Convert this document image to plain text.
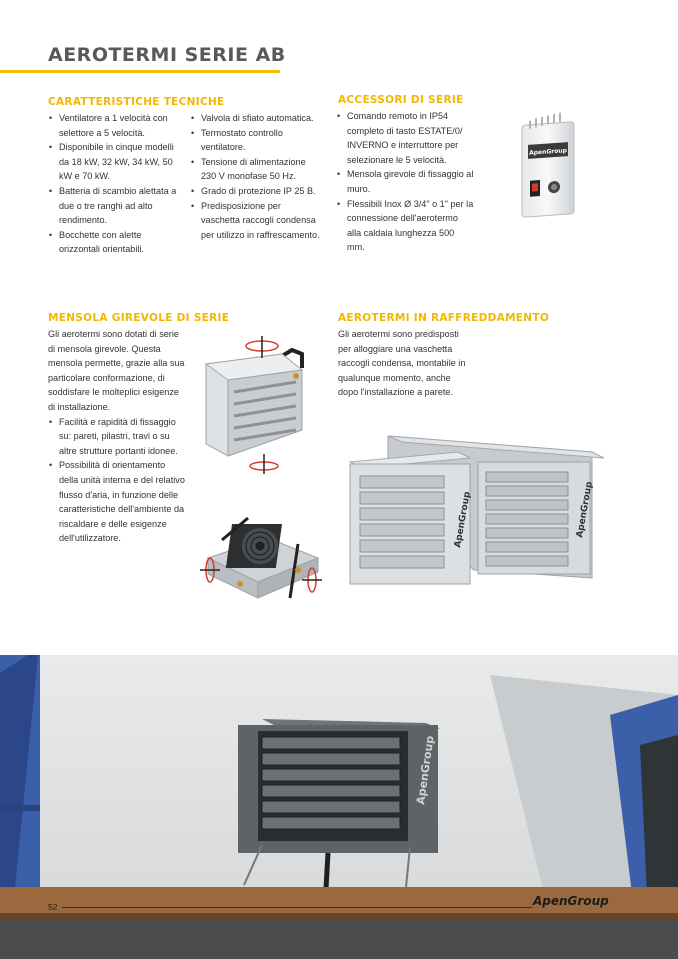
AEROTERMI SERIE AB
CARATTERISTICHE TECNICHE
• Ventilatore a 1 velocità con selettore a 5 velocità.
• Disponibile in cinque modelli da 18 kW, 32 kW, 34 kW, 50 kW e 70 kW.
• Batteria di scambio alettata a due o tre ranghi ad alto rendimento.
• Bocchette con alette orizzontali orientabili.
• Valvola di sfiato automatica.
• Termostato controllo ventilatore.
• Tensione di alimentazione 230 V monofase 50 Hz.
• Grado di protezione IP 25 B.
• Predisposizione per vaschetta raccogli condensa per utilizzo in raffrescamento.
ACCESSORI DI SERIE
• Comando remoto in IP54 completo di tasto ESTATE/0/ INVERNO e interruttore per selezionare le 5 velocità.
• Mensola girevole di fissaggio al muro.
• Flessibili Inox Ø 3/4" o 1" per la connessione dell'aerotermo alla caldaia lunghezza 500 mm.
ApenGroup
MENSOLA GIREVOLE DI SERIE

Gli aerotermi sono dotati di serie di mensola girevole. Questa mensola permette, grazie alla sua particolare conformazione, di soddisfare le molteplici esigenze di installazione.

• Facilità e rapidità di fissaggio su: pareti, pilastri, travi o su altre strutture portanti idonee.
• Possibilità di orientamento della unità interna e del relativo flusso d'aria, in funzione delle caratteristiche dell'ambiente da riscaldare e delle esigenze dell'utilizzatore.
AEROTERMI IN RAFFREDDAMENTO

Gli aerotermi sono predisposti per alloggiare una vaschetta raccogli condensa, montabile in qualunque momento, anche dopo l'installazione a parete.

ApenGroup
ApenGroup
ApenGroup
52	ApenGroup
